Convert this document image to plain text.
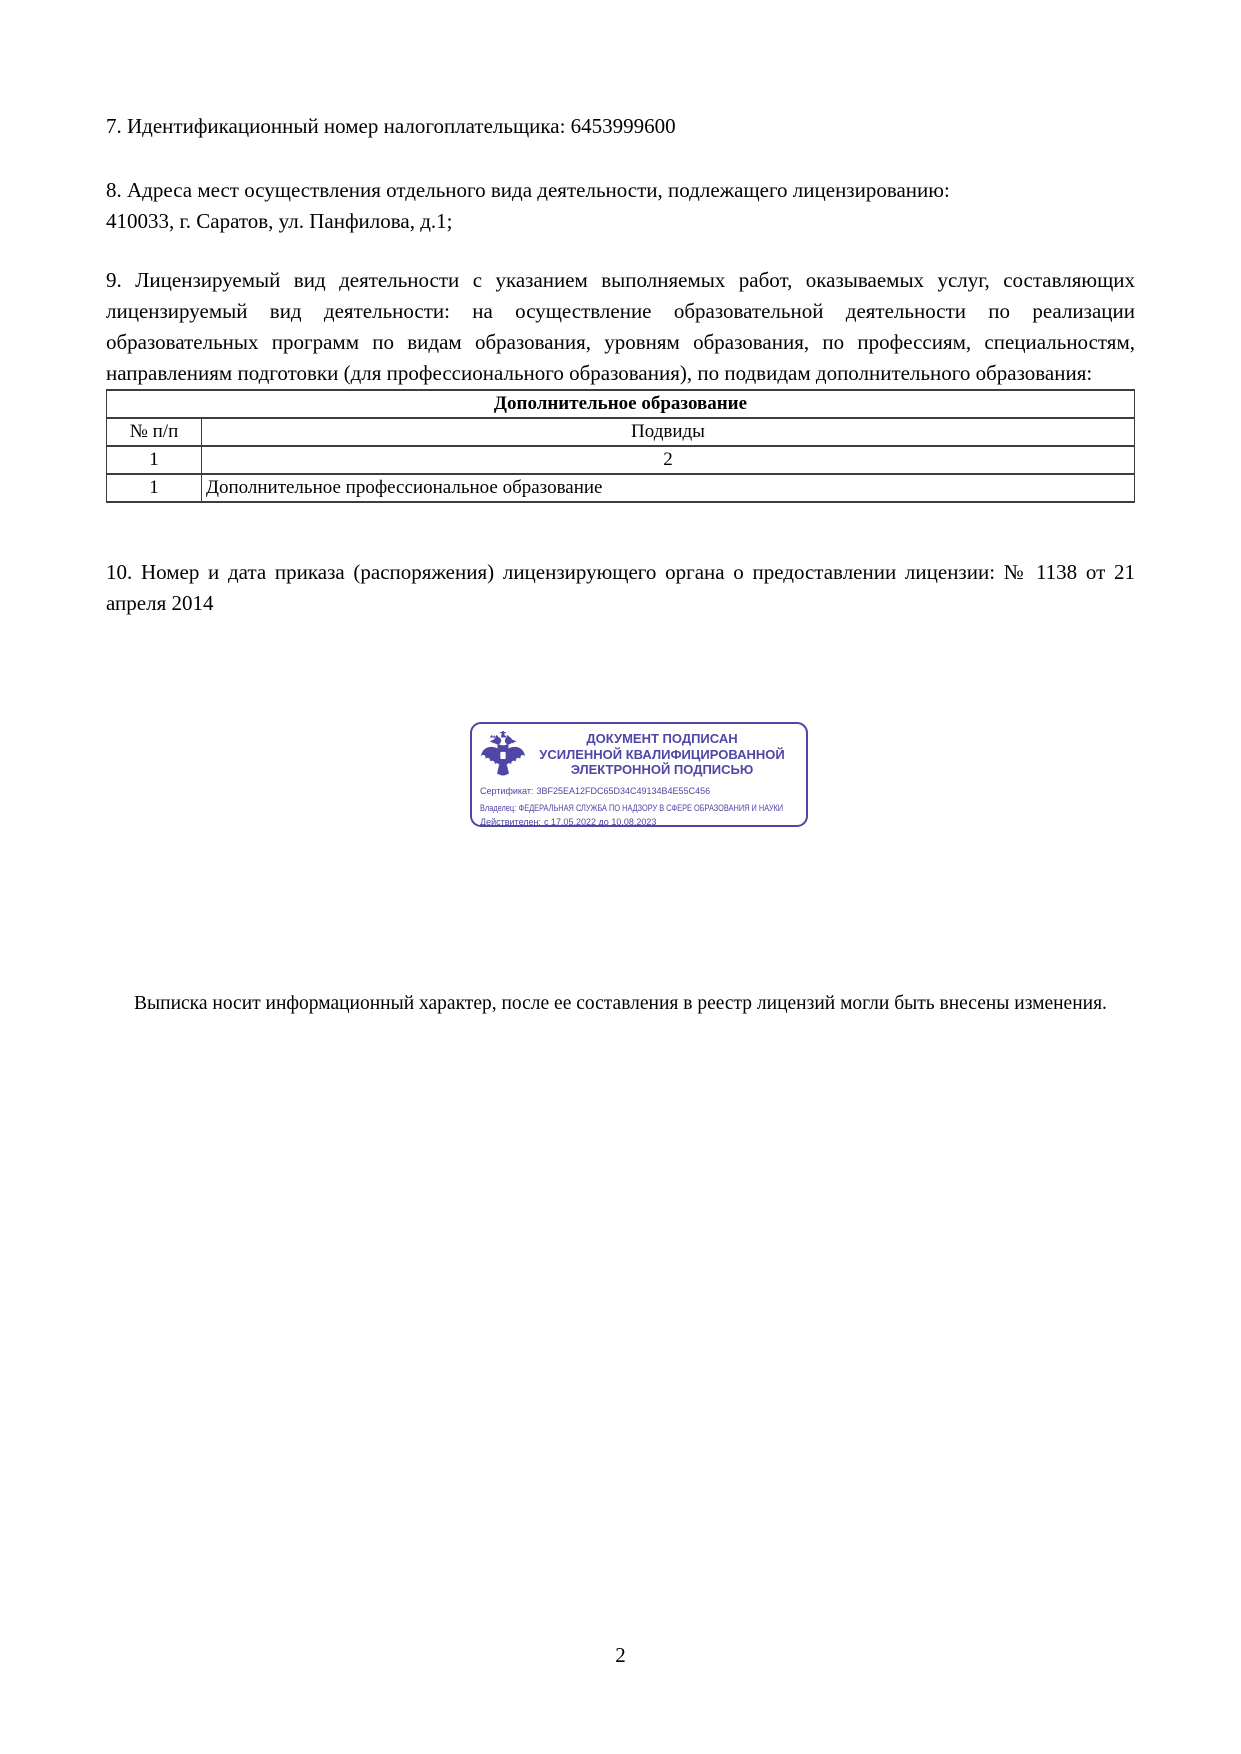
7. Идентификационный номер налогоплательщика: 6453999600

8. Адреса мест осуществления отдельного вида деятельности, подлежащего лицензированию:
410033, г. Саратов, ул. Панфилова, д.1;

9. Лицензируемый вид деятельности с указанием выполняемых работ, оказываемых услуг, составляющих лицензируемый вид деятельности: на осуществление образовательной деятельности по реализации образовательных программ по видам образования, уровням образования, по профессиям, специальностям, направлениям подготовки (для профессионального образования), по подвидам дополнительного образования:

Дополнительное образование	
№ п/п	Подвиды
1	2
1	Дополнительное профессиональное образование

10. Номер и дата приказа (распоряжения) лицензирующего органа о предоставлении лицензии: № 1138 от 21 апреля 2014

ДОКУМЕНТ ПОДПИСАН
УСИЛЕННОЙ КВАЛИФИЦИРОВАННОЙ
ЭЛЕКТРОННОЙ ПОДПИСЬЮ
Сертификат: 3BF25EA12FDC65D34C49134B4E55C456
Владелец: ФЕДЕРАЛЬНАЯ СЛУЖБА ПО НАДЗОРУ В СФЕРЕ ОБРАЗОВАНИЯ И НАУКИ
Действителен: с 17.05.2022 до 10.08.2023
Выписка носит информационный характер, после ее составления в реестр лицензий могли быть внесены изменения.
2
